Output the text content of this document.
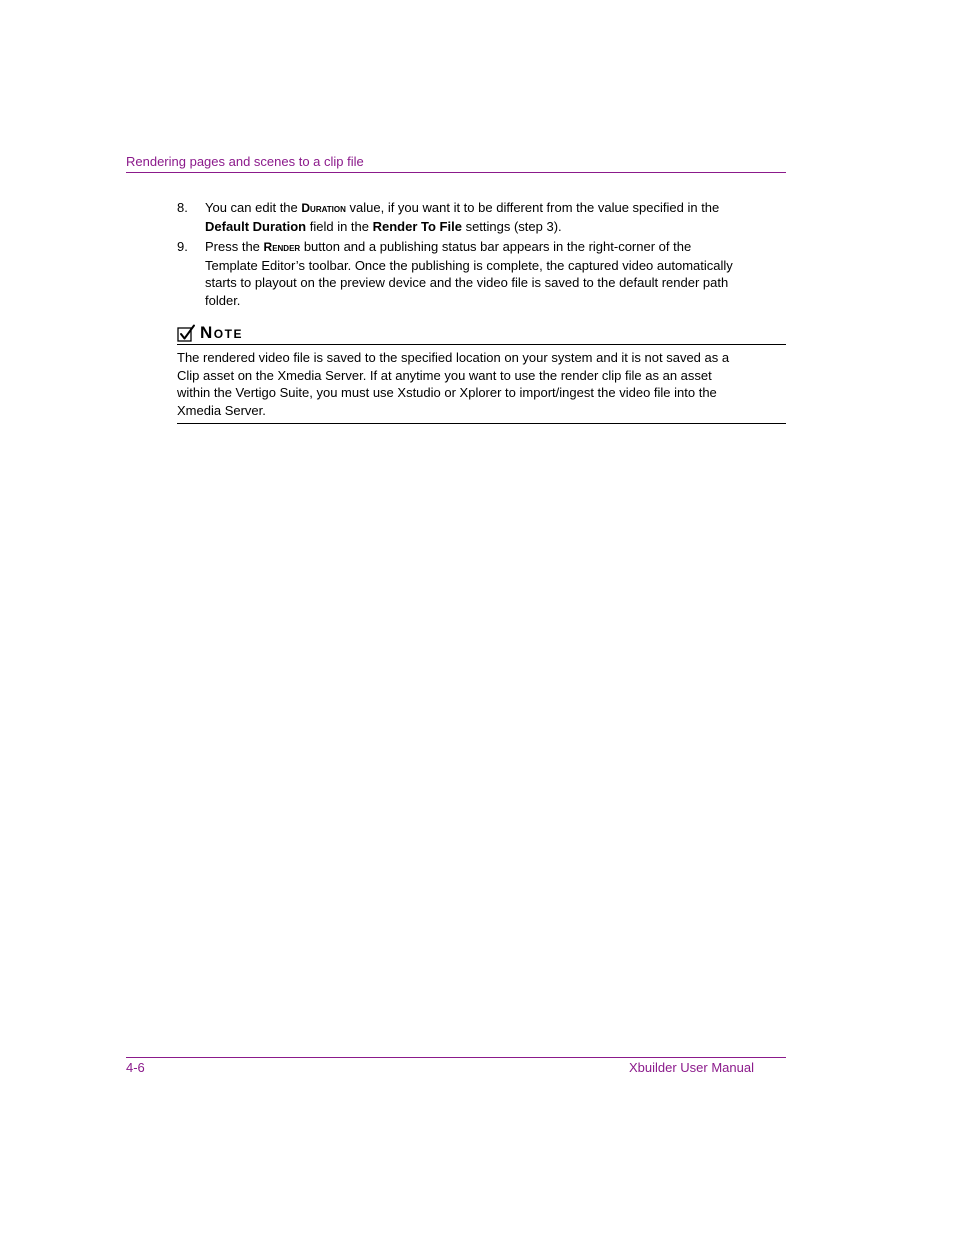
Rendering pages and scenes to a clip file
8.	You can edit the Duration value, if you want it to be different from the value specified in the Default Duration field in the Render To File settings (step 3).
9.	Press the Render button and a publishing status bar appears in the right-corner of the Template Editor’s toolbar. Once the publishing is complete, the captured video automatically starts to playout on the preview device and the video file is saved to the default render path folder.
Note
The rendered video file is saved to the specified location on your system and it is not saved as a Clip asset on the Xmedia Server. If at anytime you want to use the render clip file as an asset within the Vertigo Suite, you must use Xstudio or Xplorer to import/ingest the video file into the Xmedia Server.
4-6	Xbuilder User Manual
